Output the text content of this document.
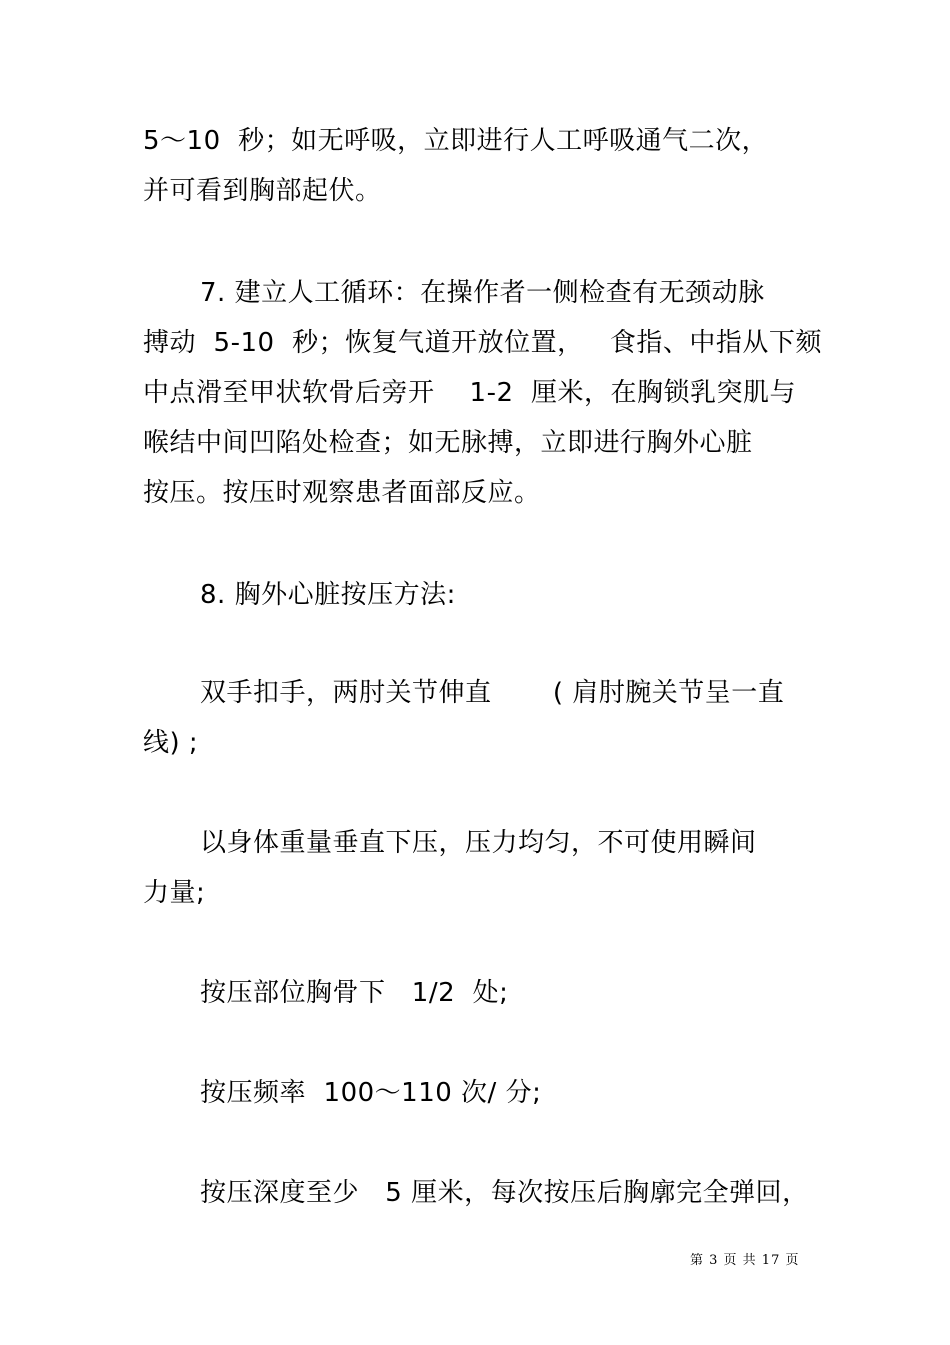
5～10  秒；如无呼吸，立即进行人工呼吸通气二次，
并可看到胸部起伏。
7. 建立人工循环：在操作者一侧检查有无颈动脉
搏动  5-10  秒；恢复气道开放位置，   食指、中指从下颏
中点滑至甲状软骨后旁开    1-2  厘米，在胸锁乳突肌与
喉结中间凹陷处检查；如无脉搏，立即进行胸外心脏
按压。按压时观察患者面部反应。
8. 胸外心脏按压方法:
双手扣手，两肘关节伸直       ( 肩肘腕关节呈一直
线) ;
以身体重量垂直下压，压力均匀，不可使用瞬间
力量;
按压部位胸骨下   1/2  处;
按压频率  100～110 次/ 分;
按压深度至少   5 厘米，每次按压后胸廓完全弹回，
第 3 页 共 17 页
